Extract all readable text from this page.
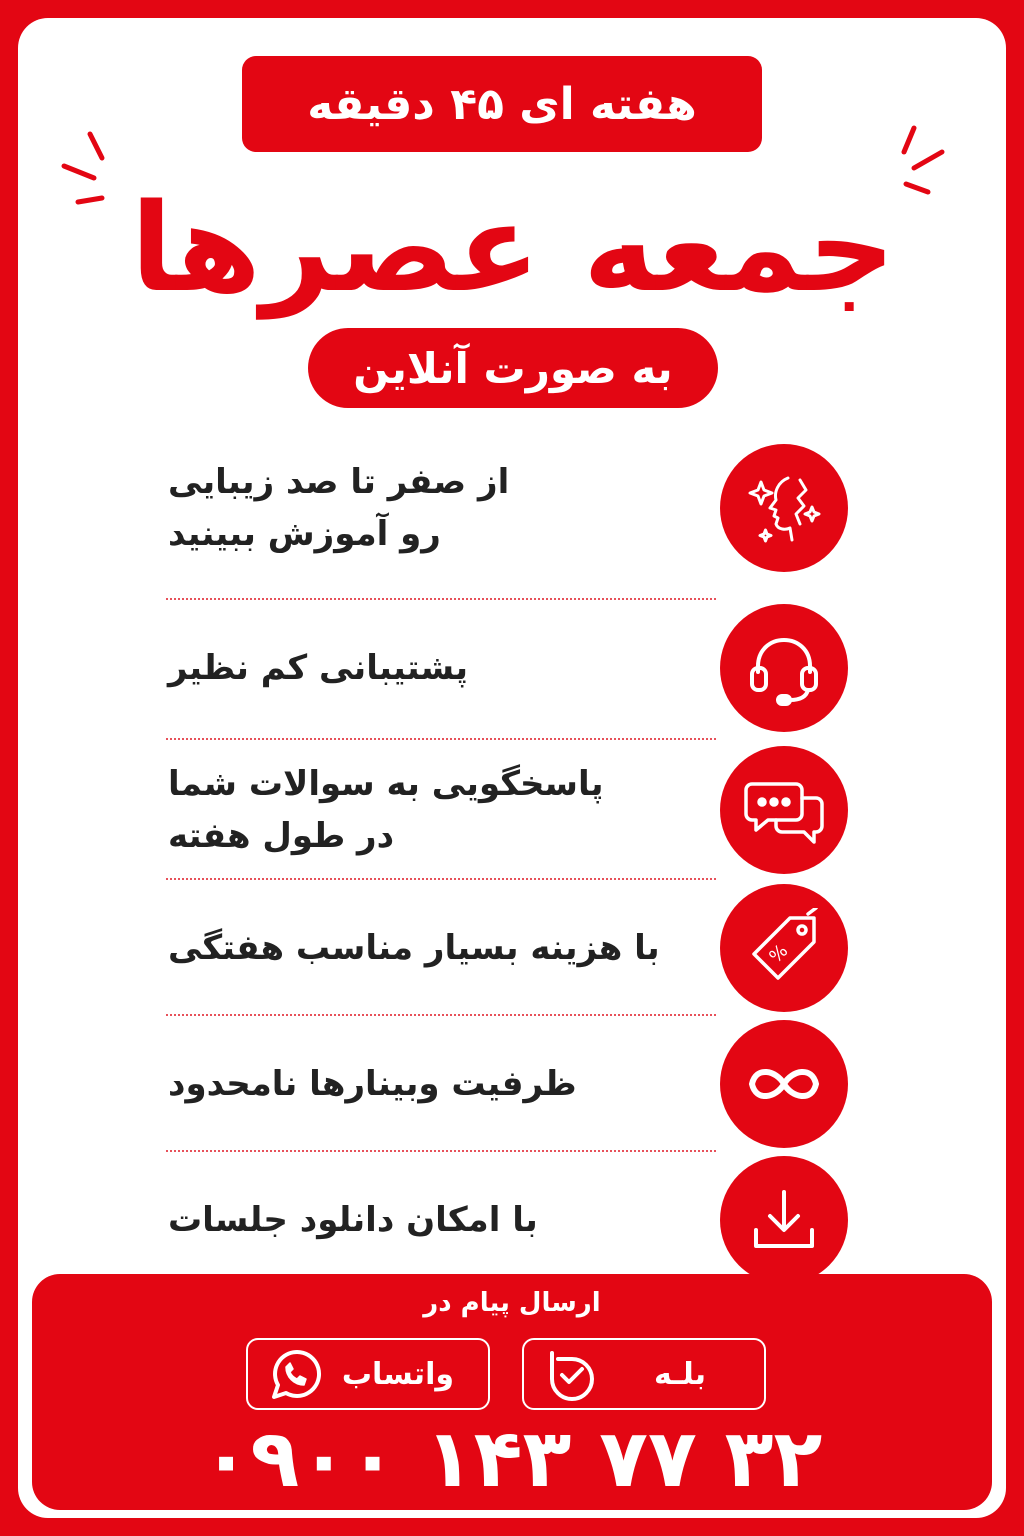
هفته ای ۴۵ دقیقه
جمعه عصرها
به صورت آنلاین
از صفر تا صد زیبایی
رو آموزش ببینید
پشتیبانی کم نظیر
پاسخگویی به سوالات شما
در طول هفته
با هزینه بسیار مناسب هفتگی	%
ظرفیت وبینارها نامحدود
با امکان دانلود جلسات
ارسال پیام در
بلـه
واتساب
۰۹۰۰ ۱۴۳ ۷۷ ۳۲
